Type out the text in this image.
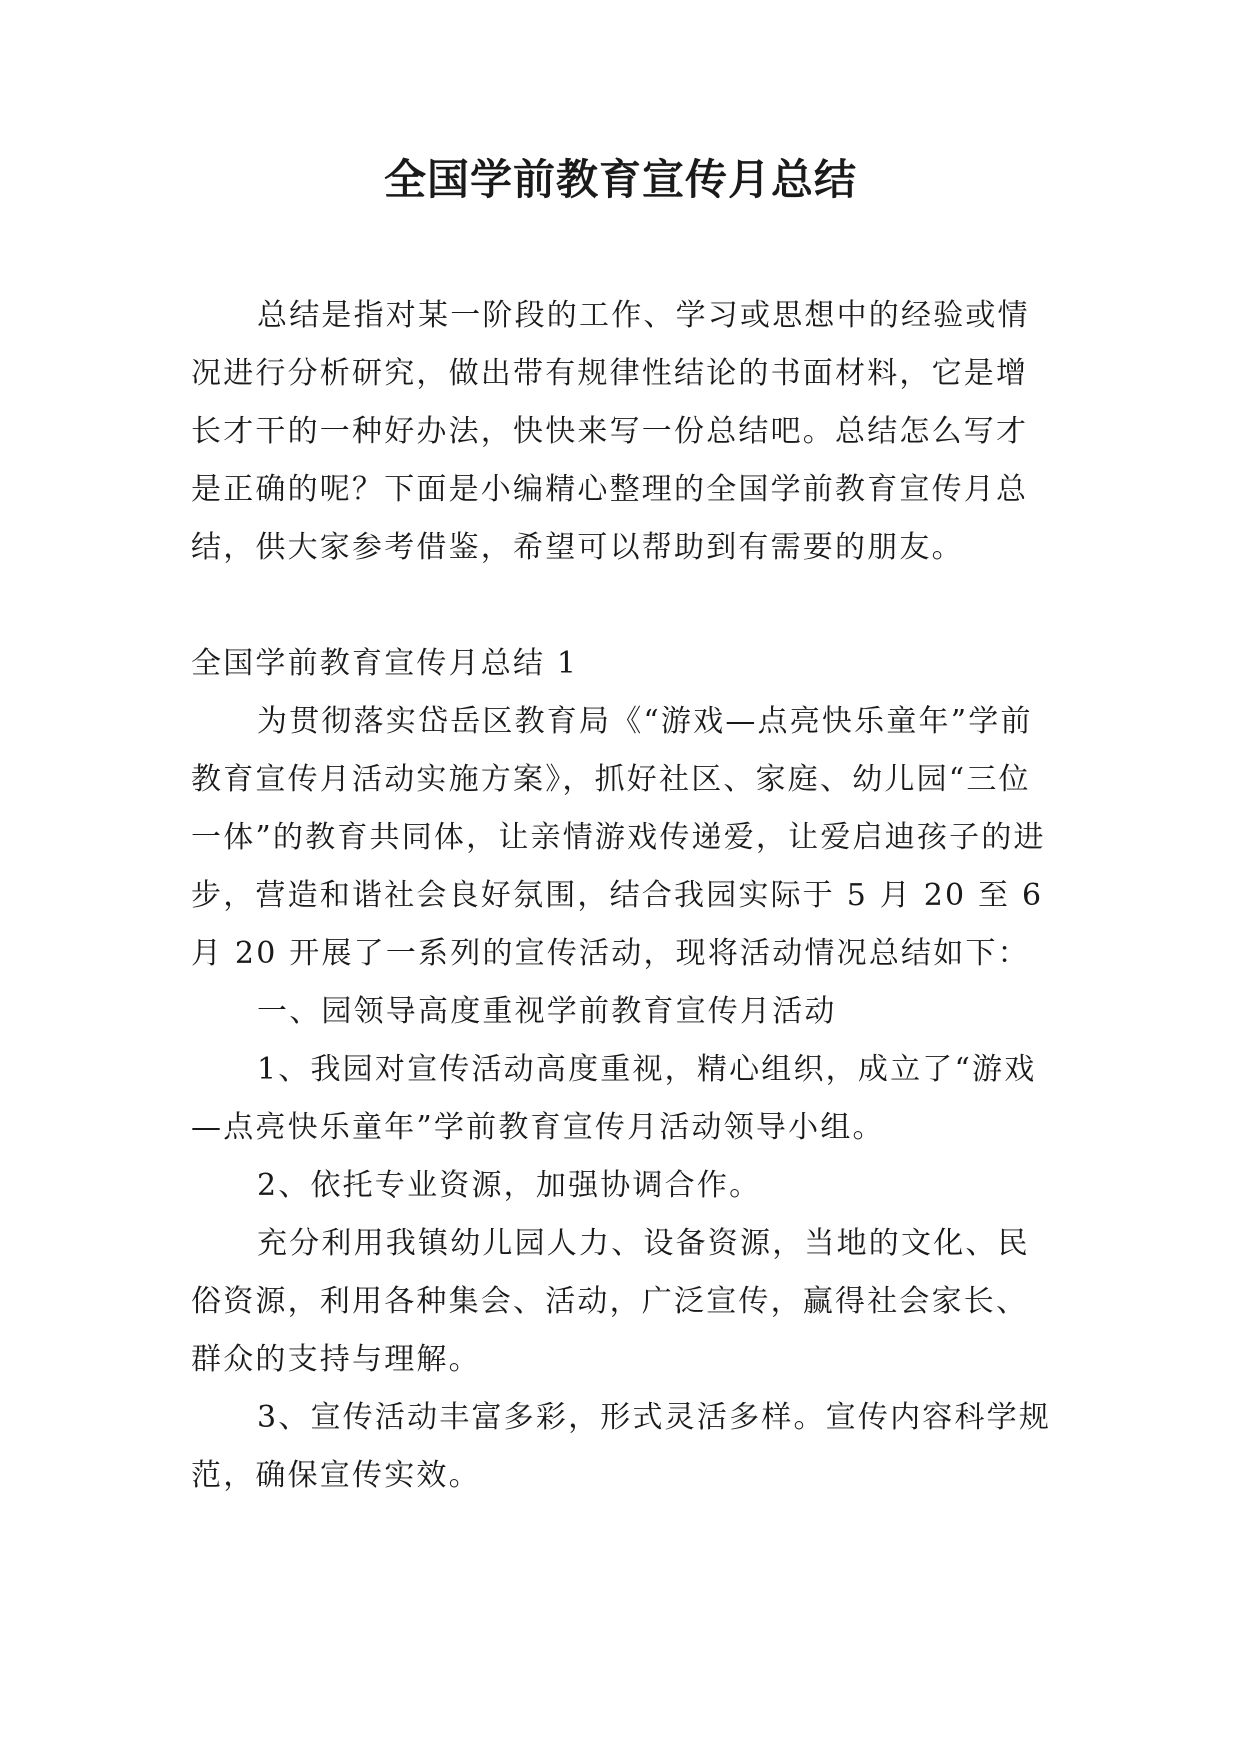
全国学前教育宣传月总结

总结是指对某一阶段的工作、学习或思想中的经验或情况进行分析研究，做出带有规律性结论的书面材料，它是增长才干的一种好办法，快快来写一份总结吧。总结怎么写才是正确的呢？下面是小编精心整理的全国学前教育宣传月总结，供大家参考借鉴，希望可以帮助到有需要的朋友。

全国学前教育宣传月总结 1

为贯彻落实岱岳区教育局《“游戏—点亮快乐童年”学前教育宣传月活动实施方案》，抓好社区、家庭、幼儿园“三位一体”的教育共同体，让亲情游戏传递爱，让爱启迪孩子的进步，营造和谐社会良好氛围，结合我园实际于 5 月 20 至 6 月 20 开展了一系列的宣传活动，现将活动情况总结如下：

一、园领导高度重视学前教育宣传月活动

1、我园对宣传活动高度重视，精心组织，成立了“游戏—点亮快乐童年”学前教育宣传月活动领导小组。

2、依托专业资源，加强协调合作。

充分利用我镇幼儿园人力、设备资源，当地的文化、民俗资源，利用各种集会、活动，广泛宣传，赢得社会家长、群众的支持与理解。

3、宣传活动丰富多彩，形式灵活多样。宣传内容科学规范，确保宣传实效。
